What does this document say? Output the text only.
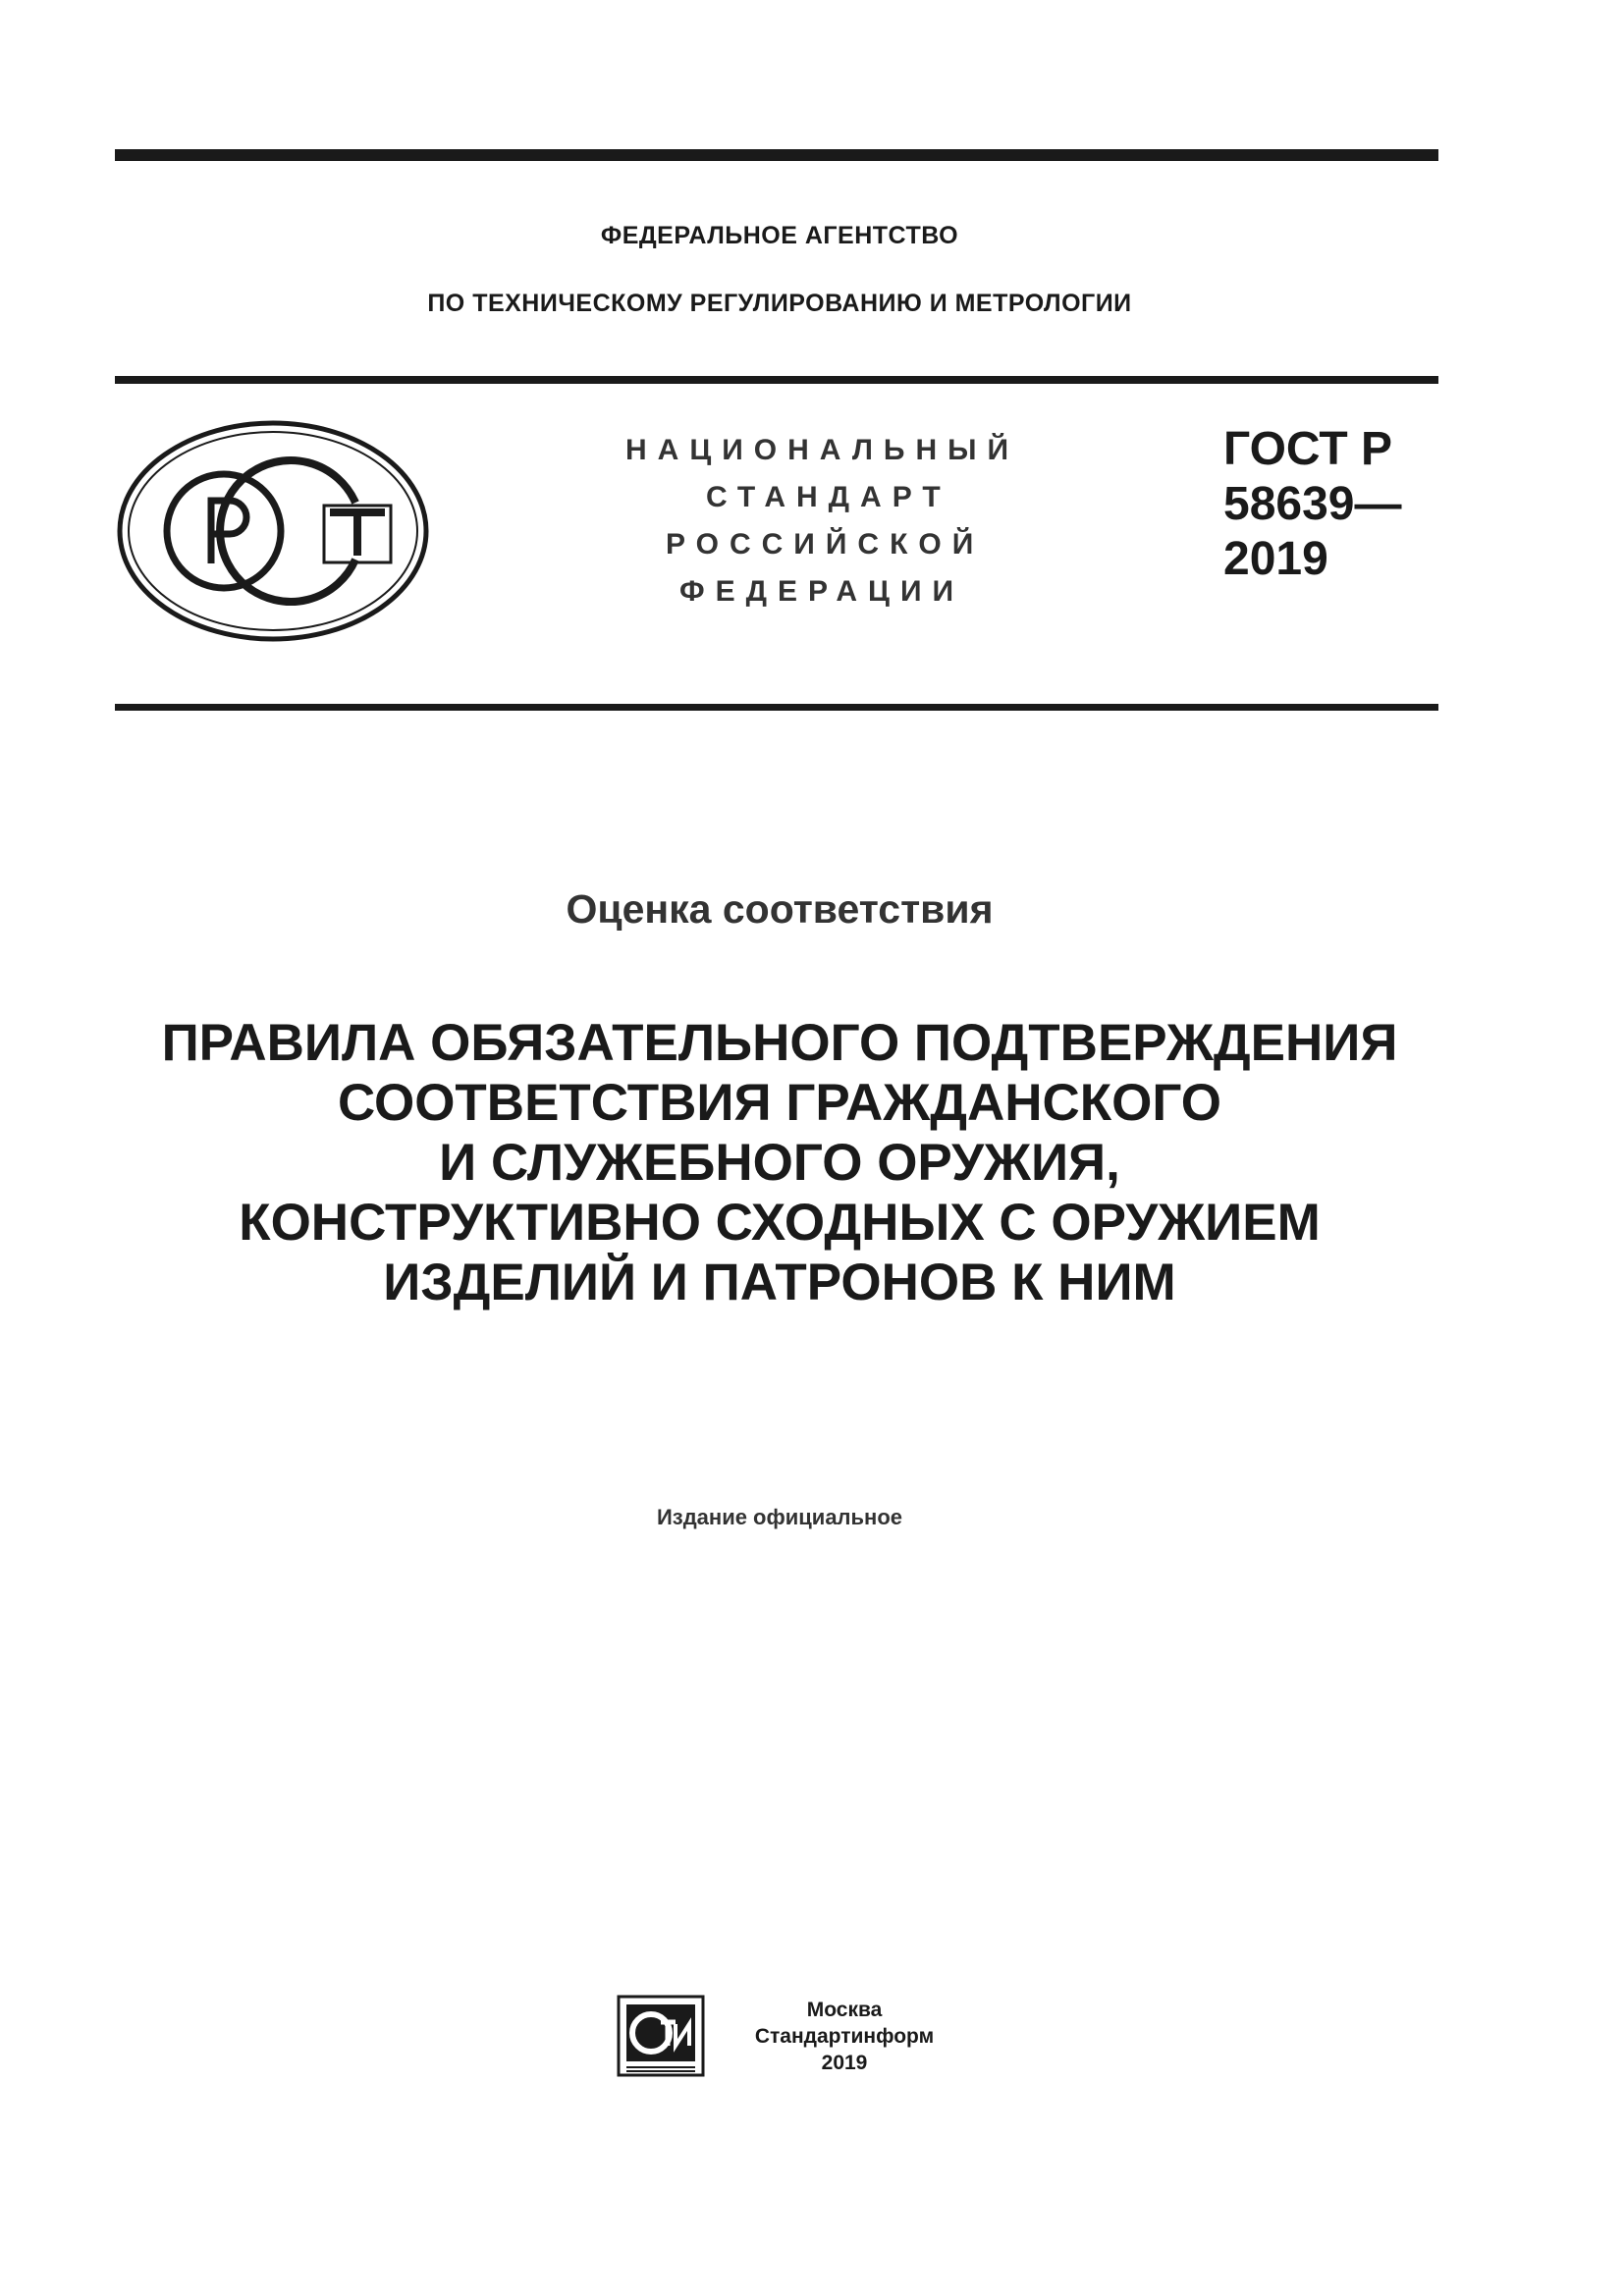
ФЕДЕРАЛЬНОЕ АГЕНТСТВО
ПО ТЕХНИЧЕСКОМУ РЕГУЛИРОВАНИЮ И МЕТРОЛОГИИ
НАЦИОНАЛЬНЫЙ
СТАНДАРТ
РОССИЙСКОЙ
ФЕДЕРАЦИИ
ГОСТ Р
58639—
2019
Оценка соответствия
ПРАВИЛА ОБЯЗАТЕЛЬНОГО ПОДТВЕРЖДЕНИЯ
СООТВЕТСТВИЯ ГРАЖДАНСКОГО
И СЛУЖЕБНОГО ОРУЖИЯ,
КОНСТРУКТИВНО СХОДНЫХ С ОРУЖИЕМ
ИЗДЕЛИЙ И ПАТРОНОВ К НИМ
Издание официальное
Москва
Стандартинформ
2019
